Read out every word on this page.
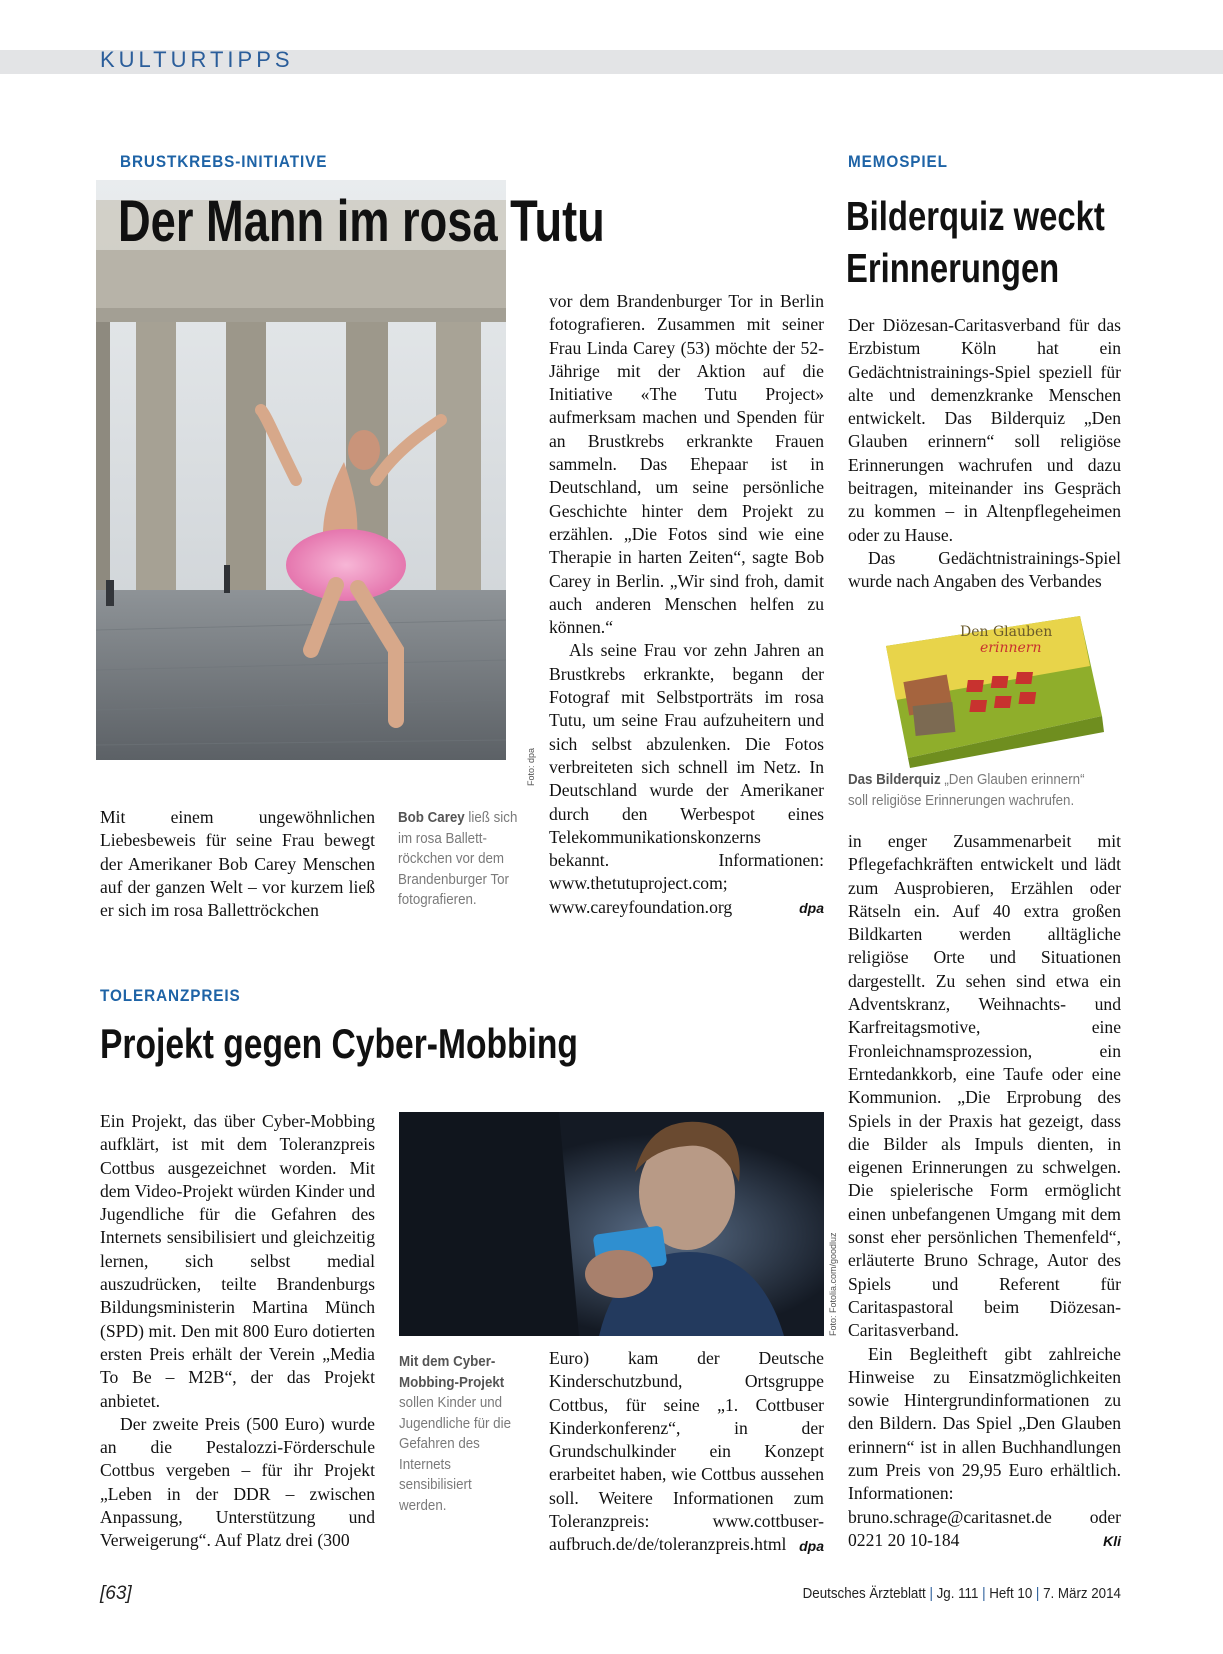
KULTURTIPPS
Foto: dpa
BRUSTKREBS-INITIATIVE
Der Mann im rosa Tutu

Mit einem ungewöhnlichen Liebesbeweis für seine Frau bewegt der Amerikaner Bob Carey Menschen auf der ganzen Welt – vor kurzem ließ er sich im rosa Ballettröckchen

Bob Carey ließ sich im rosa Ballett-röckchen vor dem Brandenburger Tor fotografieren.

vor dem Brandenburger Tor in Berlin fotografieren. Zusammen mit seiner Frau Linda Carey (53) möchte der 52-Jährige mit der Aktion auf die Initiative «The Tutu Project» aufmerksam machen und Spenden für an Brustkrebs erkrankte Frauen sammeln. Das Ehepaar ist in Deutschland, um seine persönliche Geschichte hinter dem Projekt zu erzählen. „Die Fotos sind wie eine Therapie in harten Zeiten“, sagte Bob Carey in Berlin. „Wir sind froh, damit auch anderen Menschen helfen zu können.“

Als seine Frau vor zehn Jahren an Brustkrebs erkrankte, begann der Fotograf mit Selbstporträts im rosa Tutu, um seine Frau aufzuheitern und sich selbst abzulenken. Die Fotos verbreiteten sich schnell im Netz. In Deutschland wurde der Amerikaner durch den Werbespot eines Telekommunikationskonzerns bekannt. Informationen: www.thetutuproject.com; www.careyfoundation.org	dpa
MEMOSPIEL
Bilderquiz weckt
Erinnerungen

Der Diözesan-Caritasverband für das Erzbistum Köln hat ein Gedächtnistrainings-Spiel speziell für alte und demenzkranke Menschen entwickelt. Das Bilderquiz „Den Glauben erinnern“ soll religiöse Erinnerungen wachrufen und dazu beitragen, miteinander ins Gespräch zu kommen – in Altenpflegeheimen oder zu Hause.

Das Gedächtnistrainings-Spiel wurde nach Angaben des Verbandes

Den Glauben
erinnern
Das Bilderquiz „Den Glauben erinnern“ soll religiöse Erinnerungen wachrufen.

in enger Zusammenarbeit mit Pflegefachkräften entwickelt und lädt zum Ausprobieren, Erzählen oder Rätseln ein. Auf 40 extra großen Bildkarten werden alltägliche religiöse Orte und Situationen dargestellt. Zu sehen sind etwa ein Adventskranz, Weihnachts- und Karfreitagsmotive, eine Fronleichnamsprozession, ein Erntedankkorb, eine Taufe oder eine Kommunion. „Die Erprobung des Spiels in der Praxis hat gezeigt, dass die Bilder als Impuls dienten, in eigenen Erinnerungen zu schwelgen. Die spielerische Form ermöglicht einen unbefangenen Umgang mit dem sonst eher persönlichen Themenfeld“, erläuterte Bruno Schrage, Autor des Spiels und Referent für Caritaspastoral beim Diözesan-Caritasverband.

Ein Begleitheft gibt zahlreiche Hinweise zu Einsatzmöglichkeiten sowie Hintergrundinformationen zu den Bildern. Das Spiel „Den Glauben erinnern“ ist in allen Buchhandlungen zum Preis von 29,95 Euro erhältlich. Informationen: bruno.schrage@caritasnet.de oder 0221 20 10-184	Kli
TOLERANZPREIS
Projekt gegen Cyber-Mobbing

Ein Projekt, das über Cyber-Mobbing aufklärt, ist mit dem Toleranzpreis Cottbus ausgezeichnet worden. Mit dem Video-Projekt würden Kinder und Jugendliche für die Gefahren des Internets sensibilisiert und gleichzeitig lernen, sich selbst medial auszudrücken, teilte Brandenburgs Bildungsministerin Martina Münch (SPD) mit. Den mit 800 Euro dotierten ersten Preis erhält der Verein „Media To Be – M2B“, der das Projekt anbietet.

Der zweite Preis (500 Euro) wurde an die Pestalozzi-Förderschule Cottbus vergeben – für ihr Projekt „Leben in der DDR – zwischen Anpassung, Unterstützung und Verweigerung“. Auf Platz drei (300

Foto: Fotolia.com/goodluz
Mit dem Cyber-Mobbing-Projekt sollen Kinder und Jugendliche für die Gefahren des Internets sensibilisiert werden.

Euro) kam der Deutsche Kinderschutzbund, Ortsgruppe Cottbus, für seine „1. Cottbuser Kinderkonferenz“, in der Grundschulkinder ein Konzept erarbeitet haben, wie Cottbus aussehen soll. Weitere Informationen zum Toleranzpreis: www.cottbuser-aufbruch.de/de/toleranzpreis.html dpa
[63]	Deutsches Ärzteblatt | Jg. 111 | Heft 10 | 7. März 2014
